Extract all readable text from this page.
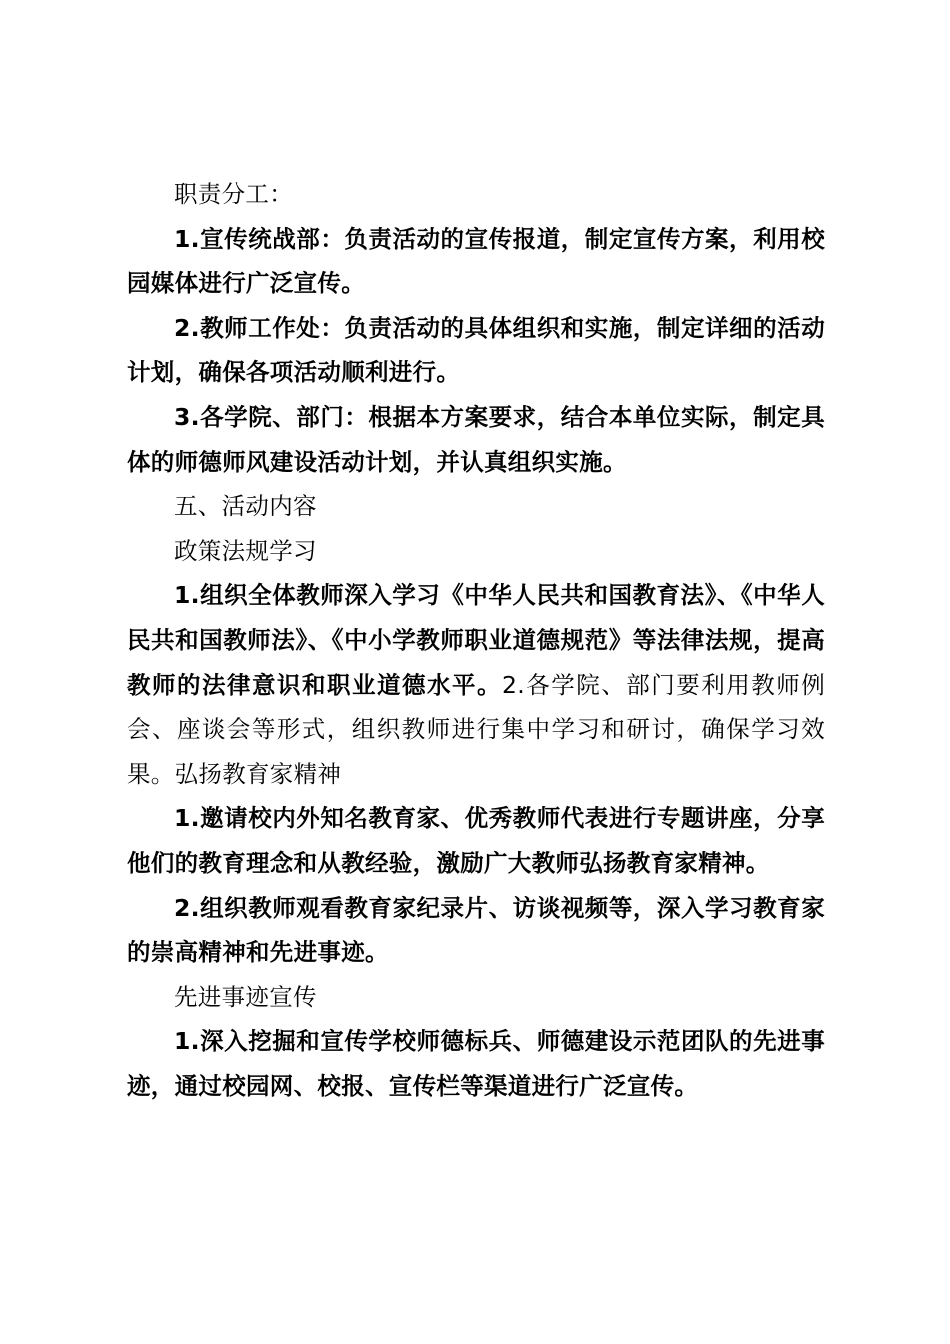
职责分工：

1.宣传统战部：负责活动的宣传报道，制定宣传方案，利用校园媒体进行广泛宣传。

2.教师工作处：负责活动的具体组织和实施，制定详细的活动计划，确保各项活动顺利进行。

3.各学院、部门：根据本方案要求，结合本单位实际，制定具体的师德师风建设活动计划，并认真组织实施。

五、活动内容

政策法规学习

1.组织全体教师深入学习《中华人民共和国教育法》、《中华人民共和国教师法》、《中小学教师职业道德规范》等法律法规，提高教师的法律意识和职业道德水平。2.各学院、部门要利用教师例会、座谈会等形式，组织教师进行集中学习和研讨，确保学习效果。弘扬教育家精神

1.邀请校内外知名教育家、优秀教师代表进行专题讲座，分享他们的教育理念和从教经验，激励广大教师弘扬教育家精神。

2.组织教师观看教育家纪录片、访谈视频等，深入学习教育家的崇高精神和先进事迹。

先进事迹宣传

1.深入挖掘和宣传学校师德标兵、师德建设示范团队的先进事迹，通过校园网、校报、宣传栏等渠道进行广泛宣传。
